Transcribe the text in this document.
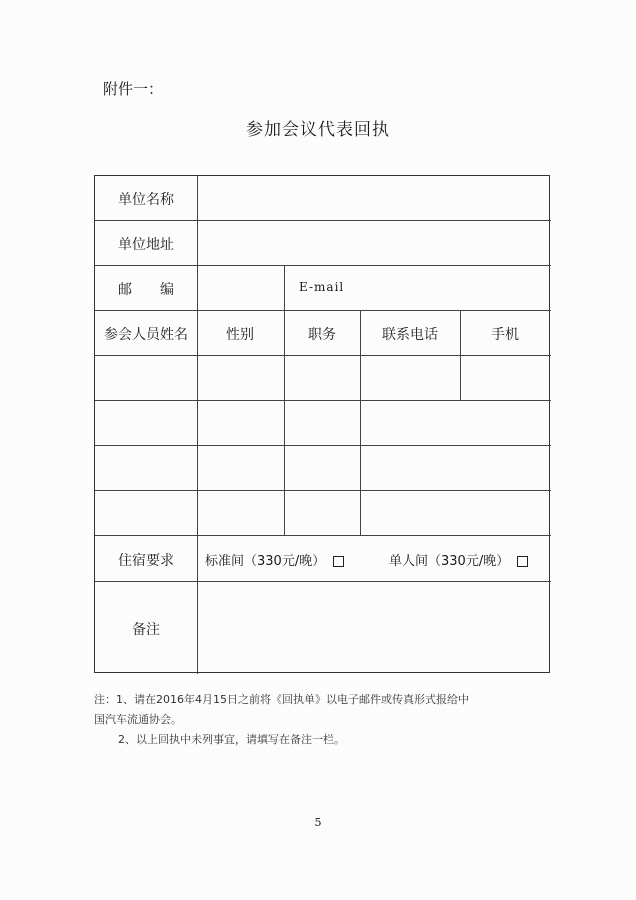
附件一：
参加会议代表回执
单位名称
单位地址
邮　　编	E-mail
参会人员姓名	性别	职务	联系电话	手机
住宿要求 标准间（330元/晚）	单人间（330元/晚）
备注

注：1、请在2016年4月15日之前将《回执单》以电子邮件或传真形式报给中

国汽车流通协会。

2、以上回执中未列事宜，请填写在备注一栏。

5
